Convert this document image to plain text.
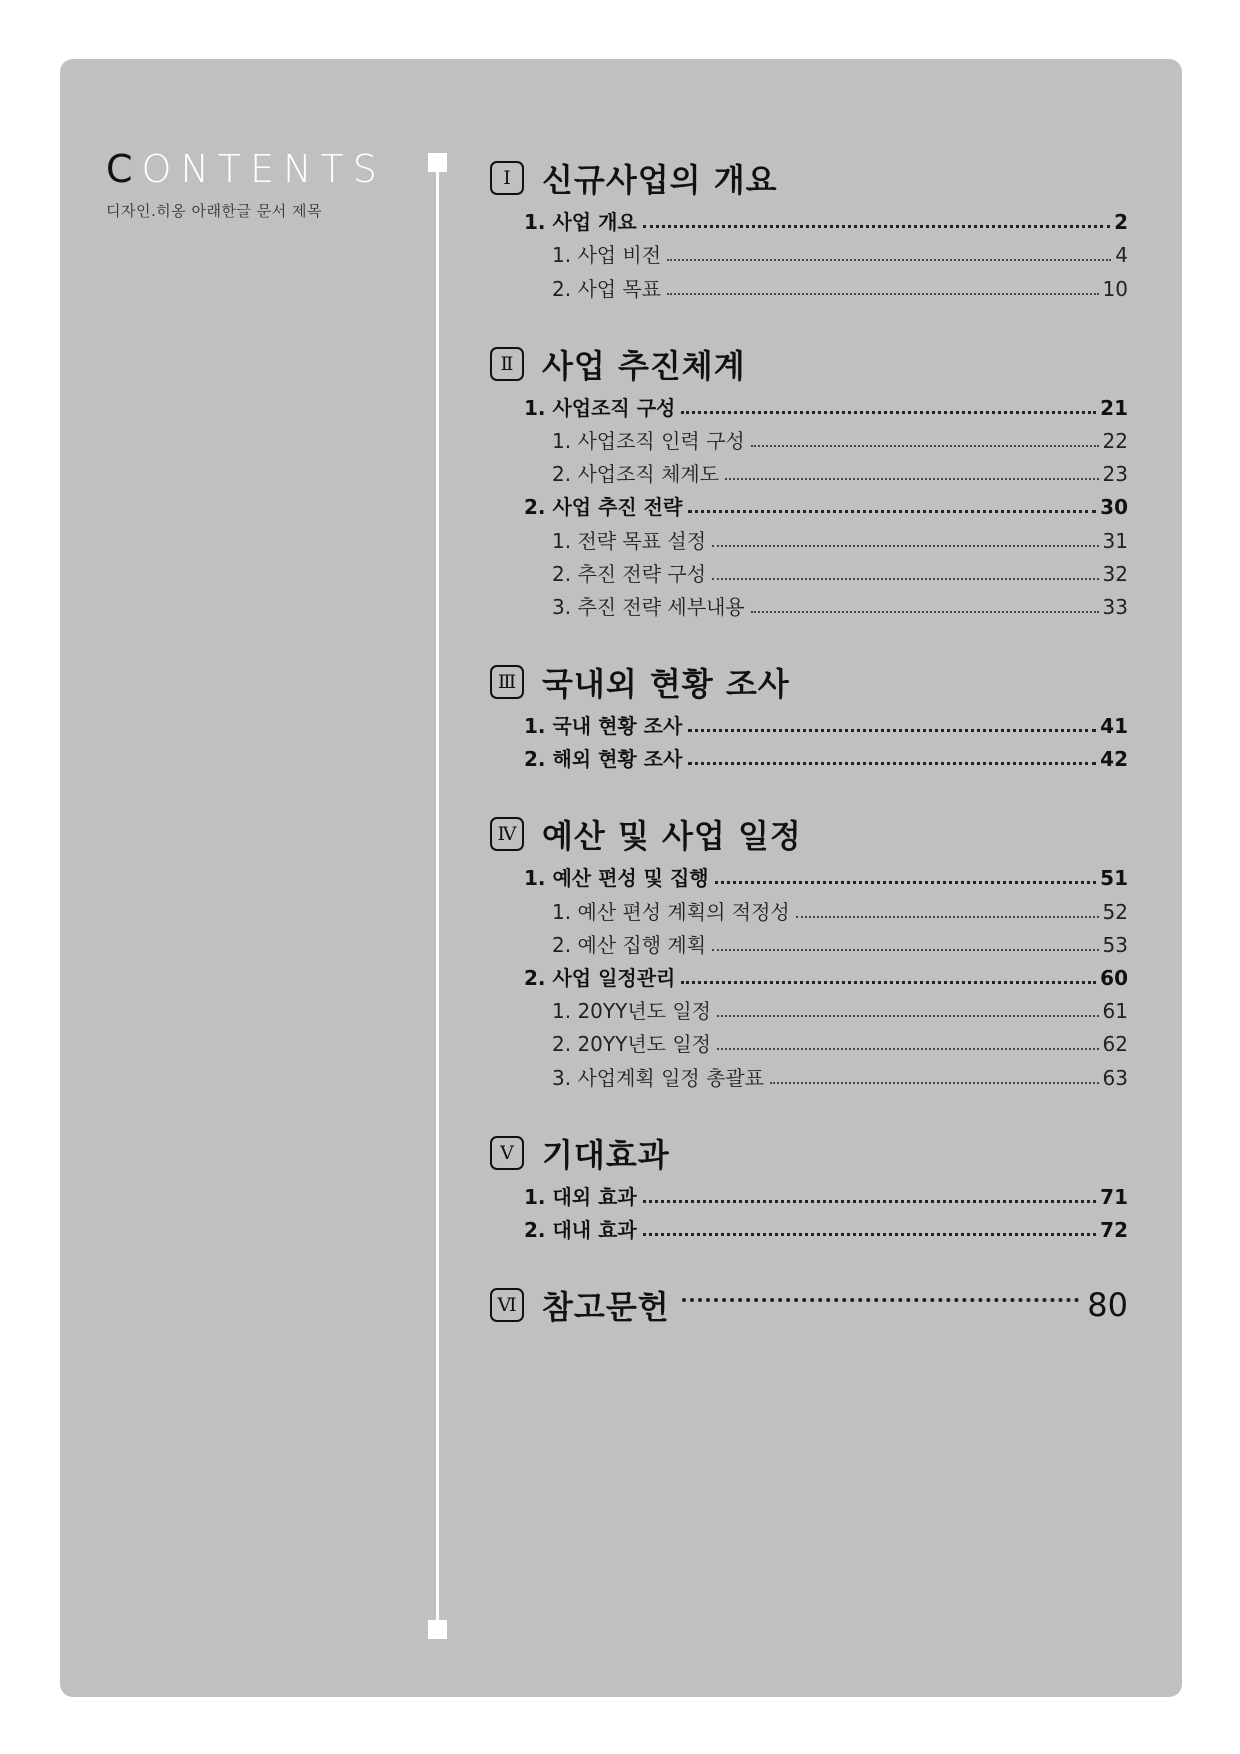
CONTENTS
디자인.히옹 아래한글 문서 제목
Ⅰ 신규사업의 개요
1. 사업 개요	2
1. 사업 비전	4
2. 사업 목표	10
Ⅱ 사업 추진체계
1. 사업조직 구성	21
1. 사업조직 인력 구성	22
2. 사업조직 체계도	23
2. 사업 추진 전략	30
1. 전략 목표 설정	31
2. 추진 전략 구성	32
3. 추진 전략 세부내용	33
Ⅲ 국내외 현황 조사
1. 국내 현황 조사	41
2. 해외 현황 조사	42
Ⅳ 예산 및 사업 일정
1. 예산 편성 및 집행	51
1. 예산 편성 계획의 적정성	52
2. 예산 집행 계획	53
2. 사업 일정관리	60
1. 20YY년도 일정	61
2. 20YY년도 일정	62
3. 사업계획 일정 총괄표	63
Ⅴ 기대효과
1. 대외 효과	71
2. 대내 효과	72
Ⅵ 참고문헌	80
